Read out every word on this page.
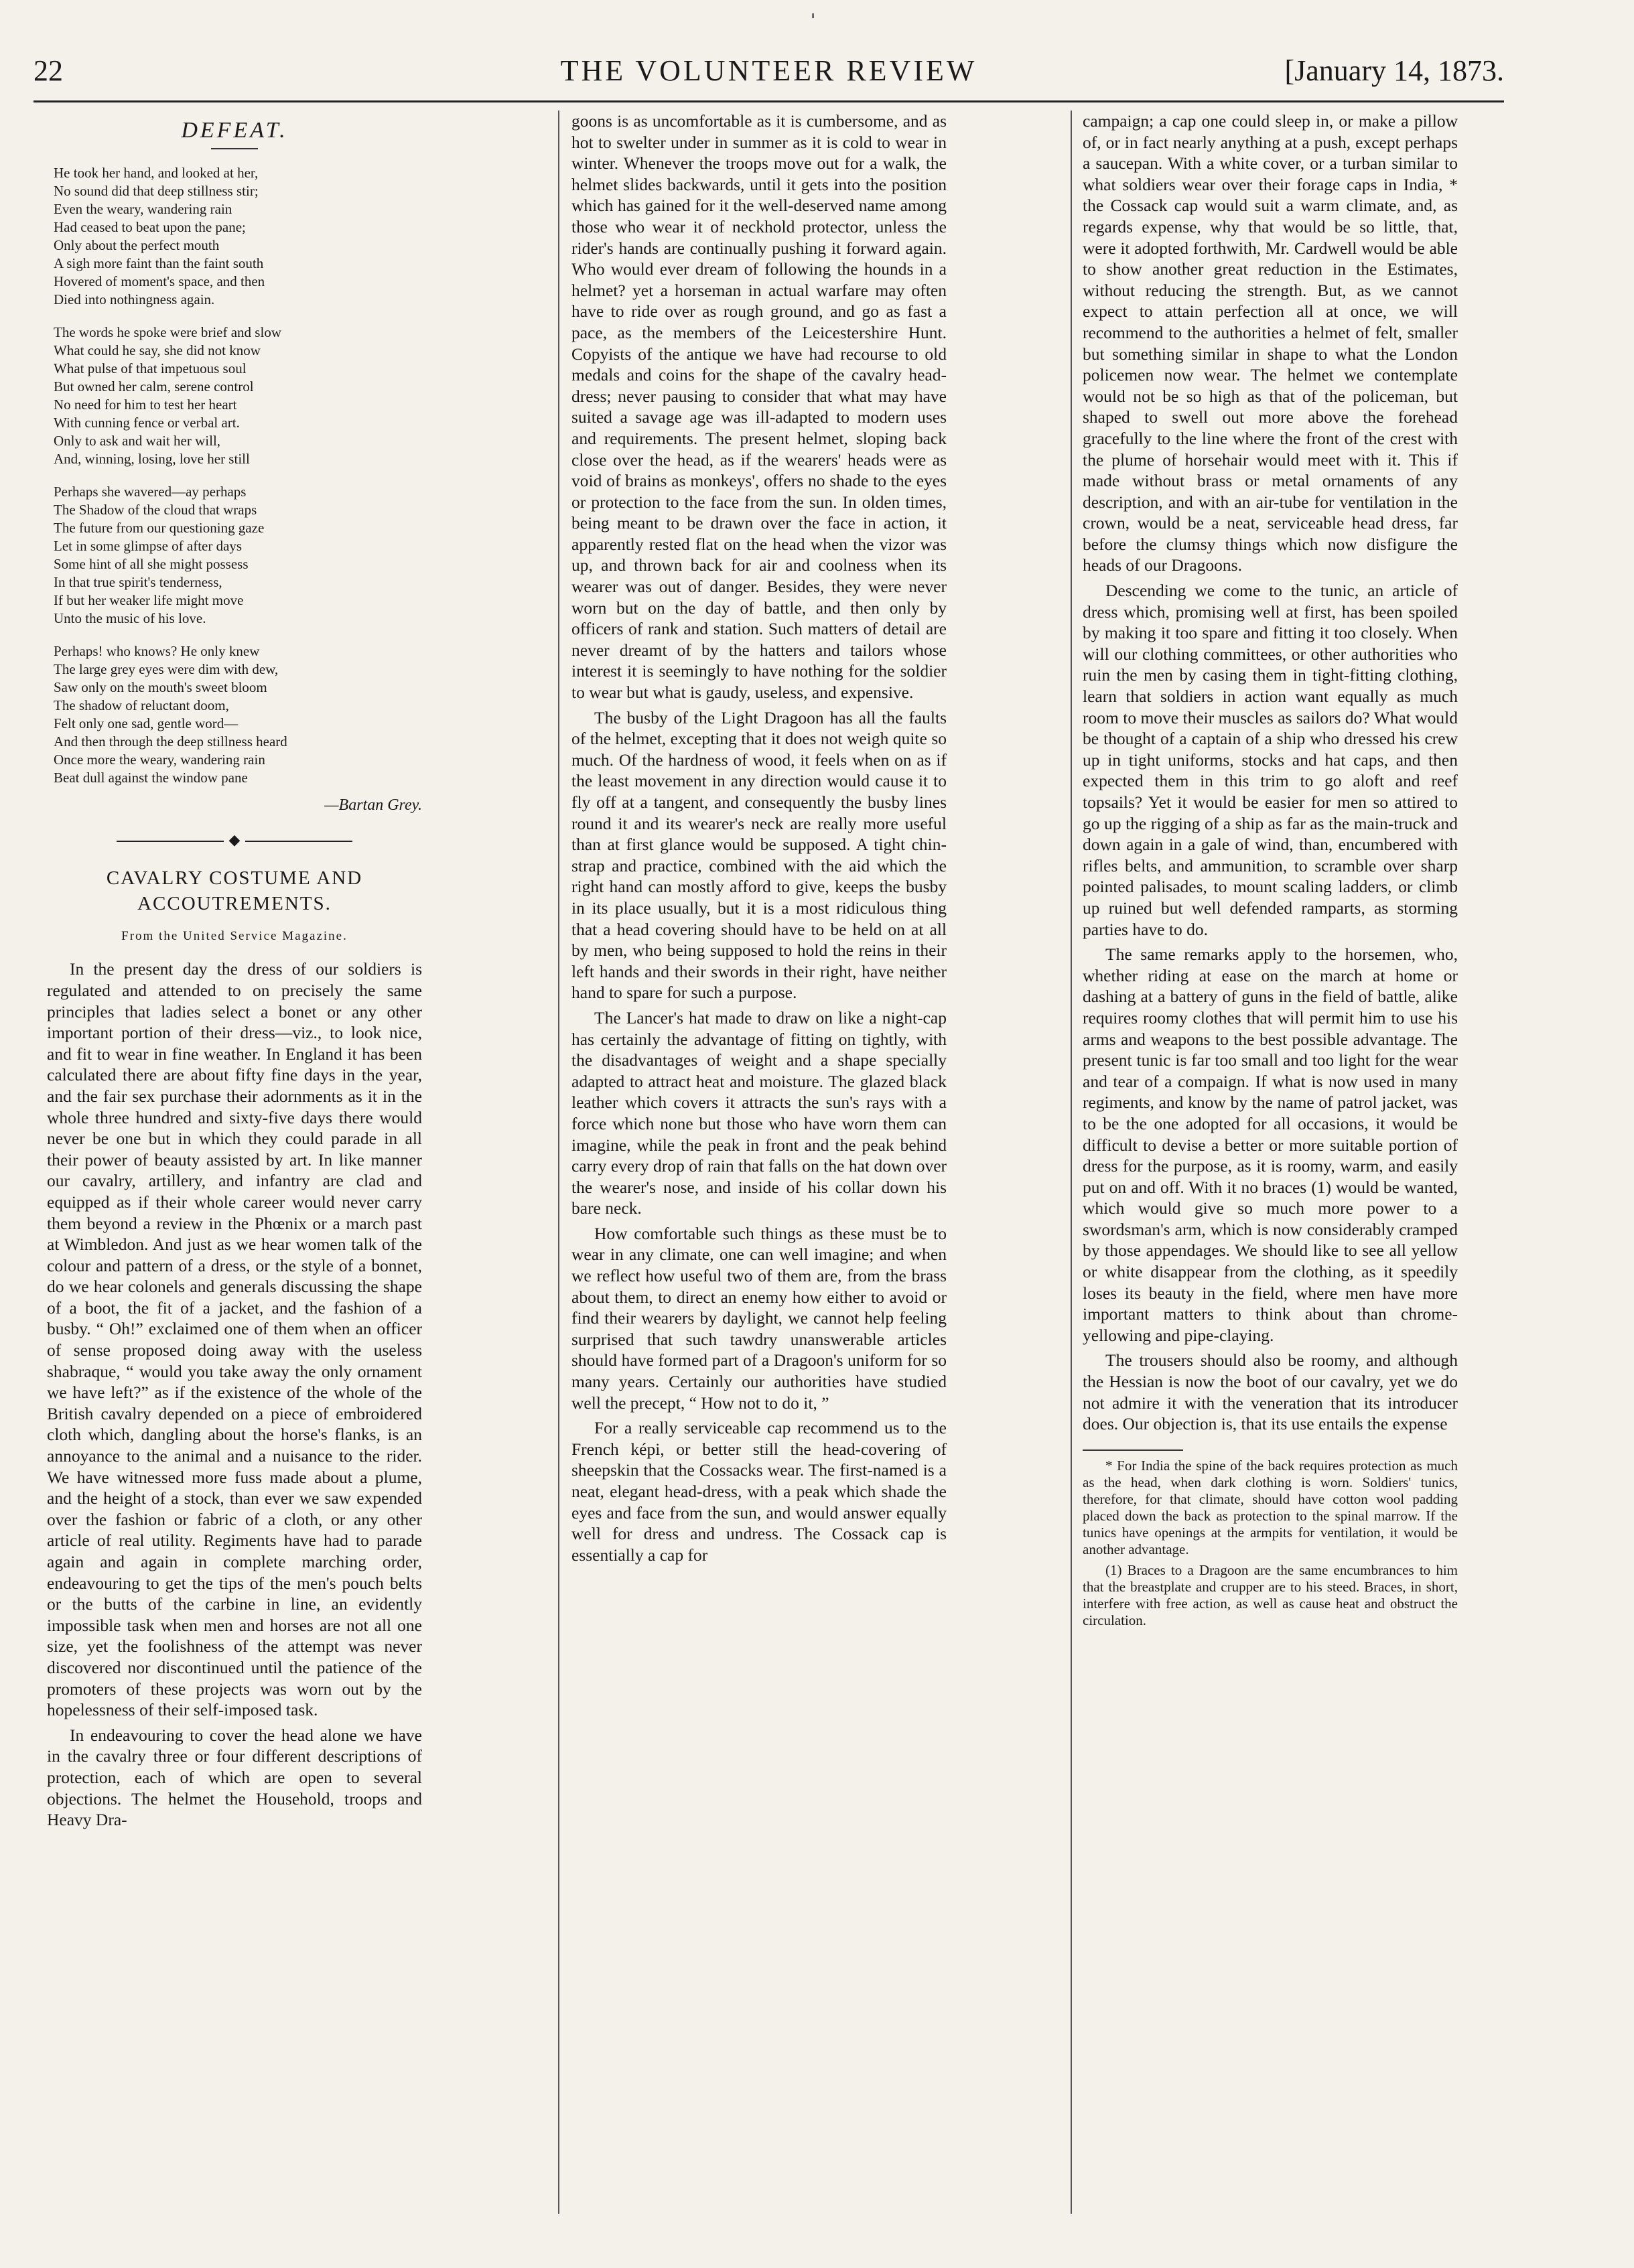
'
22	THE VOLUNTEER REVIEW	[January 14, 1873.
DEFEAT.
He took her hand, and looked at her,
No sound did that deep stillness stir;
Even the weary, wandering rain
Had ceased to beat upon the pane;
Only about the perfect mouth
A sigh more faint than the faint south
Hovered of moment's space, and then
Died into nothingness again.
The words he spoke were brief and slow
What could he say, she did not know
What pulse of that impetuous soul
But owned her calm, serene control
No need for him to test her heart
With cunning fence or verbal art.
Only to ask and wait her will,
And, winning, losing, love her still
Perhaps she wavered—ay perhaps
The Shadow of the cloud that wraps
The future from our questioning gaze
Let in some glimpse of after days
Some hint of all she might possess
In that true spirit's tenderness,
If but her weaker life might move
Unto the music of his love.
Perhaps! who knows? He only knew
The large grey eyes were dim with dew,
Saw only on the mouth's sweet bloom
The shadow of reluctant doom,
Felt only one sad, gentle word—
And then through the deep stillness heard
Once more the weary, wandering rain
Beat dull against the window pane
—Bartan Grey.
◆
CAVALRY COSTUME AND ACCOUTREMENTS.
From the United Service Magazine.

In the present day the dress of our soldiers is regulated and attended to on precisely the same principles that ladies select a bonet or any other important portion of their dress—viz., to look nice, and fit to wear in fine weather. In England it has been calculated there are about fifty fine days in the year, and the fair sex purchase their adornments as it in the whole three hundred and sixty-five days there would never be one but in which they could parade in all their power of beauty assisted by art. In like manner our cavalry, artillery, and infantry are clad and equipped as if their whole career would never carry them beyond a review in the Phœnix or a march past at Wimbledon. And just as we hear women talk of the colour and pattern of a dress, or the style of a bonnet, do we hear colonels and generals discussing the shape of a boot, the fit of a jacket, and the fashion of a busby. “ Oh!” exclaimed one of them when an officer of sense proposed doing away with the useless shabraque, “ would you take away the only ornament we have left?” as if the existence of the whole of the British cavalry depended on a piece of embroidered cloth which, dangling about the horse's flanks, is an annoyance to the animal and a nuisance to the rider. We have witnessed more fuss made about a plume, and the height of a stock, than ever we saw expended over the fashion or fabric of a cloth, or any other article of real utility. Regiments have had to parade again and again in complete marching order, endeavouring to get the tips of the men's pouch belts or the butts of the carbine in line, an evidently impossible task when men and horses are not all one size, yet the foolishness of the attempt was never discovered nor discontinued until the patience of the promoters of these projects was worn out by the hopelessness of their self-imposed task.

In endeavouring to cover the head alone we have in the cavalry three or four different descriptions of protection, each of which are open to several objections. The helmet the Household, troops and Heavy Dra-

goons is as uncomfortable as it is cumbersome, and as hot to swelter under in summer as it is cold to wear in winter. Whenever the troops move out for a walk, the helmet slides backwards, until it gets into the position which has gained for it the well-deserved name among those who wear it of neckhold protector, unless the rider's hands are continually pushing it forward again. Who would ever dream of following the hounds in a helmet? yet a horseman in actual warfare may often have to ride over as rough ground, and go as fast a pace, as the members of the Leicestershire Hunt. Copyists of the antique we have had recourse to old medals and coins for the shape of the cavalry head-dress; never pausing to consider that what may have suited a savage age was ill-adapted to modern uses and requirements. The present helmet, sloping back close over the head, as if the wearers' heads were as void of brains as monkeys', offers no shade to the eyes or protection to the face from the sun. In olden times, being meant to be drawn over the face in action, it apparently rested flat on the head when the vizor was up, and thrown back for air and coolness when its wearer was out of danger. Besides, they were never worn but on the day of battle, and then only by officers of rank and station. Such matters of detail are never dreamt of by the hatters and tailors whose interest it is seemingly to have nothing for the soldier to wear but what is gaudy, useless, and expensive.

The busby of the Light Dragoon has all the faults of the helmet, excepting that it does not weigh quite so much. Of the hardness of wood, it feels when on as if the least movement in any direction would cause it to fly off at a tangent, and consequently the busby lines round it and its wearer's neck are really more useful than at first glance would be supposed. A tight chin-strap and practice, combined with the aid which the right hand can mostly afford to give, keeps the busby in its place usually, but it is a most ridiculous thing that a head covering should have to be held on at all by men, who being supposed to hold the reins in their left hands and their swords in their right, have neither hand to spare for such a purpose.

The Lancer's hat made to draw on like a night-cap has certainly the advantage of fitting on tightly, with the disadvantages of weight and a shape specially adapted to attract heat and moisture. The glazed black leather which covers it attracts the sun's rays with a force which none but those who have worn them can imagine, while the peak in front and the peak behind carry every drop of rain that falls on the hat down over the wearer's nose, and inside of his collar down his bare neck.

How comfortable such things as these must be to wear in any climate, one can well imagine; and when we reflect how useful two of them are, from the brass about them, to direct an enemy how either to avoid or find their wearers by daylight, we cannot help feeling surprised that such tawdry unanswerable articles should have formed part of a Dragoon's uniform for so many years. Certainly our authorities have studied well the precept, “ How not to do it, ”

For a really serviceable cap recommend us to the French képi, or better still the head-covering of sheepskin that the Cossacks wear. The first-named is a neat, elegant head-dress, with a peak which shade the eyes and face from the sun, and would answer equally well for dress and undress. The Cossack cap is essentially a cap for

campaign; a cap one could sleep in, or make a pillow of, or in fact nearly anything at a push, except perhaps a saucepan. With a white cover, or a turban similar to what soldiers wear over their forage caps in India, * the Cossack cap would suit a warm climate, and, as regards expense, why that would be so little, that, were it adopted forthwith, Mr. Cardwell would be able to show another great reduction in the Estimates, without reducing the strength. But, as we cannot expect to attain perfection all at once, we will recommend to the authorities a helmet of felt, smaller but something similar in shape to what the London policemen now wear. The helmet we contemplate would not be so high as that of the policeman, but shaped to swell out more above the forehead gracefully to the line where the front of the crest with the plume of horsehair would meet with it. This if made without brass or metal ornaments of any description, and with an air-tube for ventilation in the crown, would be a neat, serviceable head dress, far before the clumsy things which now disfigure the heads of our Dragoons.

Descending we come to the tunic, an article of dress which, promising well at first, has been spoiled by making it too spare and fitting it too closely. When will our clothing committees, or other authorities who ruin the men by casing them in tight-fitting clothing, learn that soldiers in action want equally as much room to move their muscles as sailors do? What would be thought of a captain of a ship who dressed his crew up in tight uniforms, stocks and hat caps, and then expected them in this trim to go aloft and reef topsails? Yet it would be easier for men so attired to go up the rigging of a ship as far as the main-truck and down again in a gale of wind, than, encumbered with rifles belts, and ammunition, to scramble over sharp pointed palisades, to mount scaling ladders, or climb up ruined but well defended ramparts, as storming parties have to do.

The same remarks apply to the horsemen, who, whether riding at ease on the march at home or dashing at a battery of guns in the field of battle, alike requires roomy clothes that will permit him to use his arms and weapons to the best possible advantage. The present tunic is far too small and too light for the wear and tear of a compaign. If what is now used in many regiments, and know by the name of patrol jacket, was to be the one adopted for all occasions, it would be difficult to devise a better or more suitable portion of dress for the purpose, as it is roomy, warm, and easily put on and off. With it no braces (1) would be wanted, which would give so much more power to a swordsman's arm, which is now considerably cramped by those appendages. We should like to see all yellow or white disappear from the clothing, as it speedily loses its beauty in the field, where men have more important matters to think about than chrome-yellowing and pipe-claying.

The trousers should also be roomy, and although the Hessian is now the boot of our cavalry, yet we do not admire it with the veneration that its introducer does. Our objection is, that its use entails the expense

* For India the spine of the back requires protection as much as the head, when dark clothing is worn. Soldiers' tunics, therefore, for that climate, should have cotton wool padding placed down the back as protection to the spinal marrow. If the tunics have openings at the armpits for ventilation, it would be another advantage.

(1) Braces to a Dragoon are the same encumbrances to him that the breastplate and crupper are to his steed. Braces, in short, interfere with free action, as well as cause heat and obstruct the circulation.
